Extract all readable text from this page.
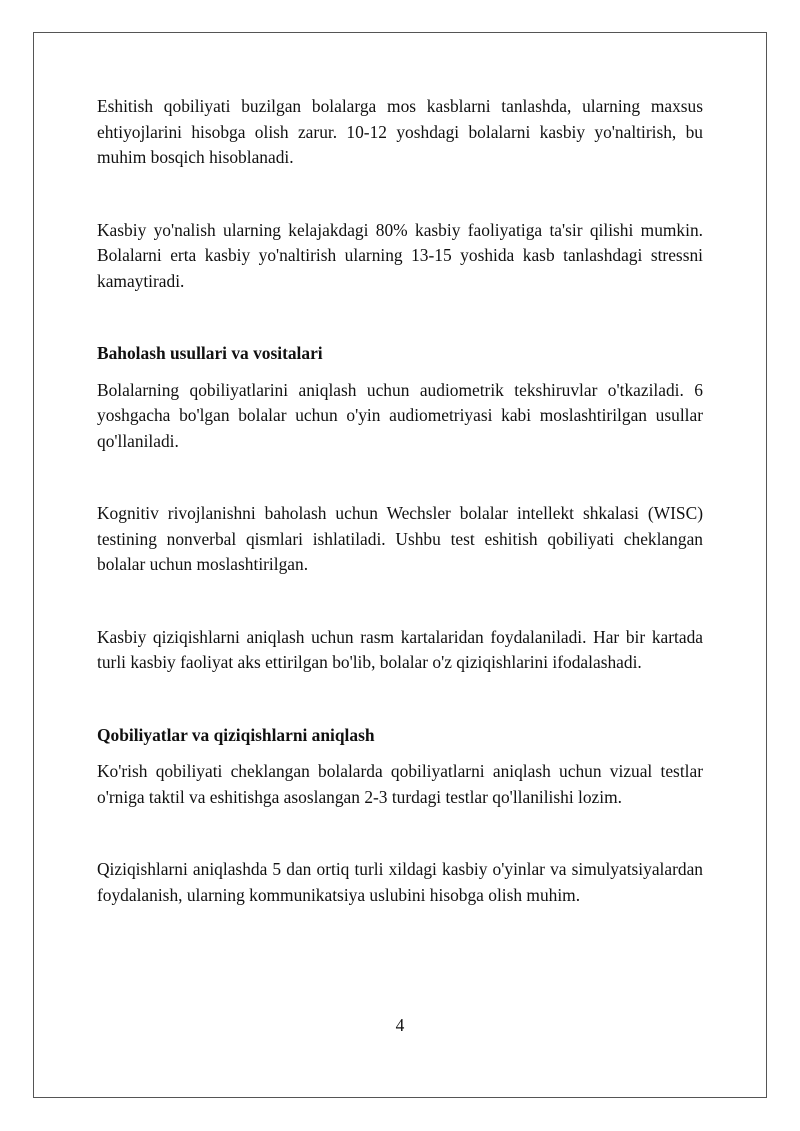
Eshitish qobiliyati buzilgan bolalarga mos kasblarni tanlashda, ularning maxsus ehtiyojlarini hisobga olish zarur. 10-12 yoshdagi bolalarni kasbiy yo'naltirish, bu muhim bosqich hisoblanadi.

Kasbiy yo'nalish ularning kelajakdagi 80% kasbiy faoliyatiga ta'sir qilishi mumkin. Bolalarni erta kasbiy yo'naltirish ularning 13-15 yoshida kasb tanlashdagi stressni kamaytiradi.

Baholash usullari va vositalari

Bolalarning qobiliyatlarini aniqlash uchun audiometrik tekshiruvlar o'tkaziladi. 6 yoshgacha bo'lgan bolalar uchun o'yin audiometriyasi kabi moslashtirilgan usullar qo'llaniladi.

Kognitiv rivojlanishni baholash uchun Wechsler bolalar intellekt shkalasi (WISC) testining nonverbal qismlari ishlatiladi. Ushbu test eshitish qobiliyati cheklangan bolalar uchun moslashtirilgan.

Kasbiy qiziqishlarni aniqlash uchun rasm kartalaridan foydalaniladi. Har bir kartada turli kasbiy faoliyat aks ettirilgan bo'lib, bolalar o'z qiziqishlarini ifodalashadi.

Qobiliyatlar va qiziqishlarni aniqlash

Ko'rish qobiliyati cheklangan bolalarda qobiliyatlarni aniqlash uchun vizual testlar o'rniga taktil va eshitishga asoslangan 2-3 turdagi testlar qo'llanilishi lozim.

Qiziqishlarni aniqlashda 5 dan ortiq turli xildagi kasbiy o'yinlar va simulyatsiyalardan foydalanish, ularning kommunikatsiya uslubini hisobga olish muhim.

4
